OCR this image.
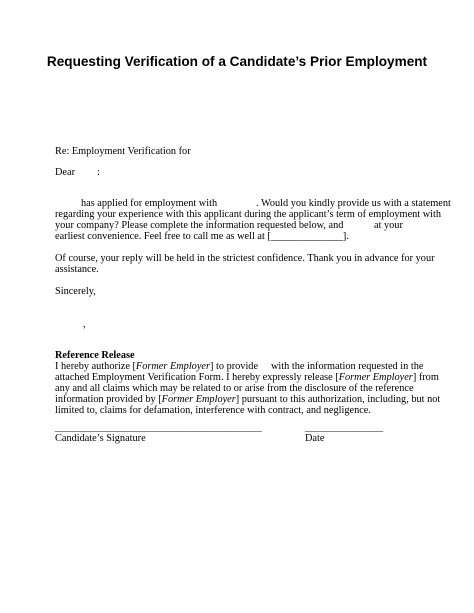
Requesting Verification of a Candidate’s Prior Employment
Re: Employment Verification for
Dear :
has applied for employment with	. Would you kindly provide us with a statement
regarding your experience with this applicant during the applicant’s term of employment with
your company? Please complete the information requested below, and	at your
earliest convenience. Feel free to call me as well at [______________].
Of course, your reply will be held in the strictest confidence. Thank you in advance for your
assistance.
Sincerely,
,
Reference Release
I hereby authorize [Former Employer] to provide with the information requested in the
attached Employment Verification Form. I hereby expressly release [Former Employer] from
any and all claims which may be related to or arise from the disclosure of the reference
information provided by [Former Employer] pursuant to this authorization, including, but not
limited to, claims for defamation, interference with contract, and negligence.
_____________________________________________	_________________
Candidate’s Signature	Date
